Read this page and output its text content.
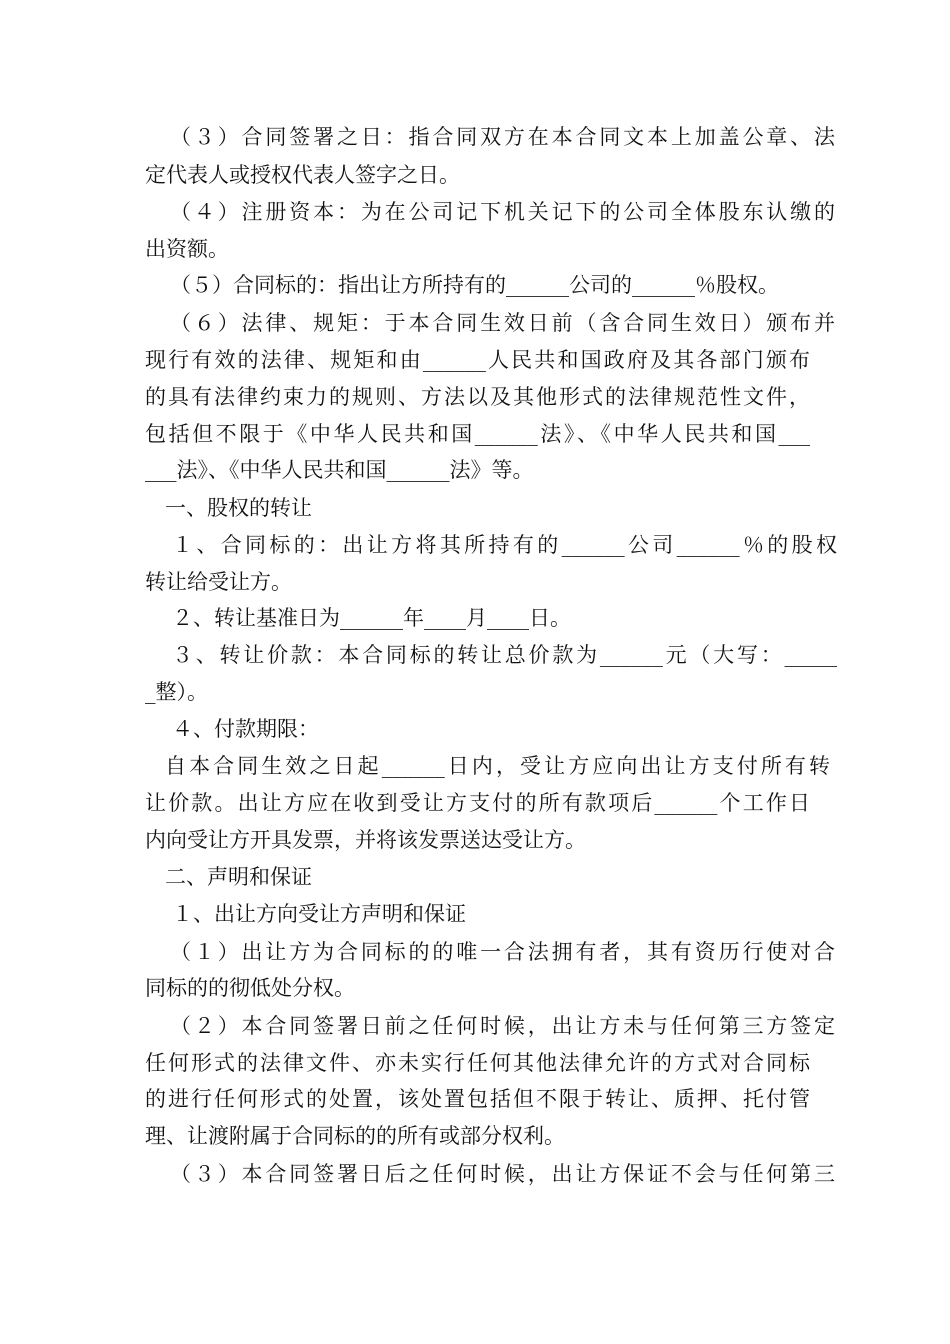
（３）合同签署之日：指合同双方在本合同文本上加盖公章、法
定代表人或授权代表人签字之日。
（４）注册资本：为在公司记下机关记下的公司全体股东认缴的
出资额。
（５）合同标的：指出让方所持有的______公司的______％股权。
（６）法律、规矩：于本合同生效日前（含合同生效日）颁布并
现行有效的法律、规矩和由______人民共和国政府及其各部门颁布
的具有法律约束力的规则、方法以及其他形式的法律规范性文件，
包括但不限于《中华人民共和国______法》、《中华人民共和国___
___法》、《中华人民共和国______法》等。
一、股权的转让
１、合同标的：出让方将其所持有的______公司______％的股权
转让给受让方。
２、转让基准日为______年____月____日。
３、转让价款：本合同标的转让总价款为______元（大写：_____
_整）。
４、付款期限：
自本合同生效之日起______日内，受让方应向出让方支付所有转
让价款。出让方应在收到受让方支付的所有款项后______个工作日
内向受让方开具发票，并将该发票送达受让方。
二、声明和保证
１、出让方向受让方声明和保证
（１）出让方为合同标的的唯一合法拥有者，其有资历行使对合
同标的的彻低处分权。
（２）本合同签署日前之任何时候，出让方未与任何第三方签定
任何形式的法律文件、亦未实行任何其他法律允许的方式对合同标
的进行任何形式的处置，该处置包括但不限于转让、质押、托付管
理、让渡附属于合同标的的所有或部分权利。
（３）本合同签署日后之任何时候，出让方保证不会与任何第三
